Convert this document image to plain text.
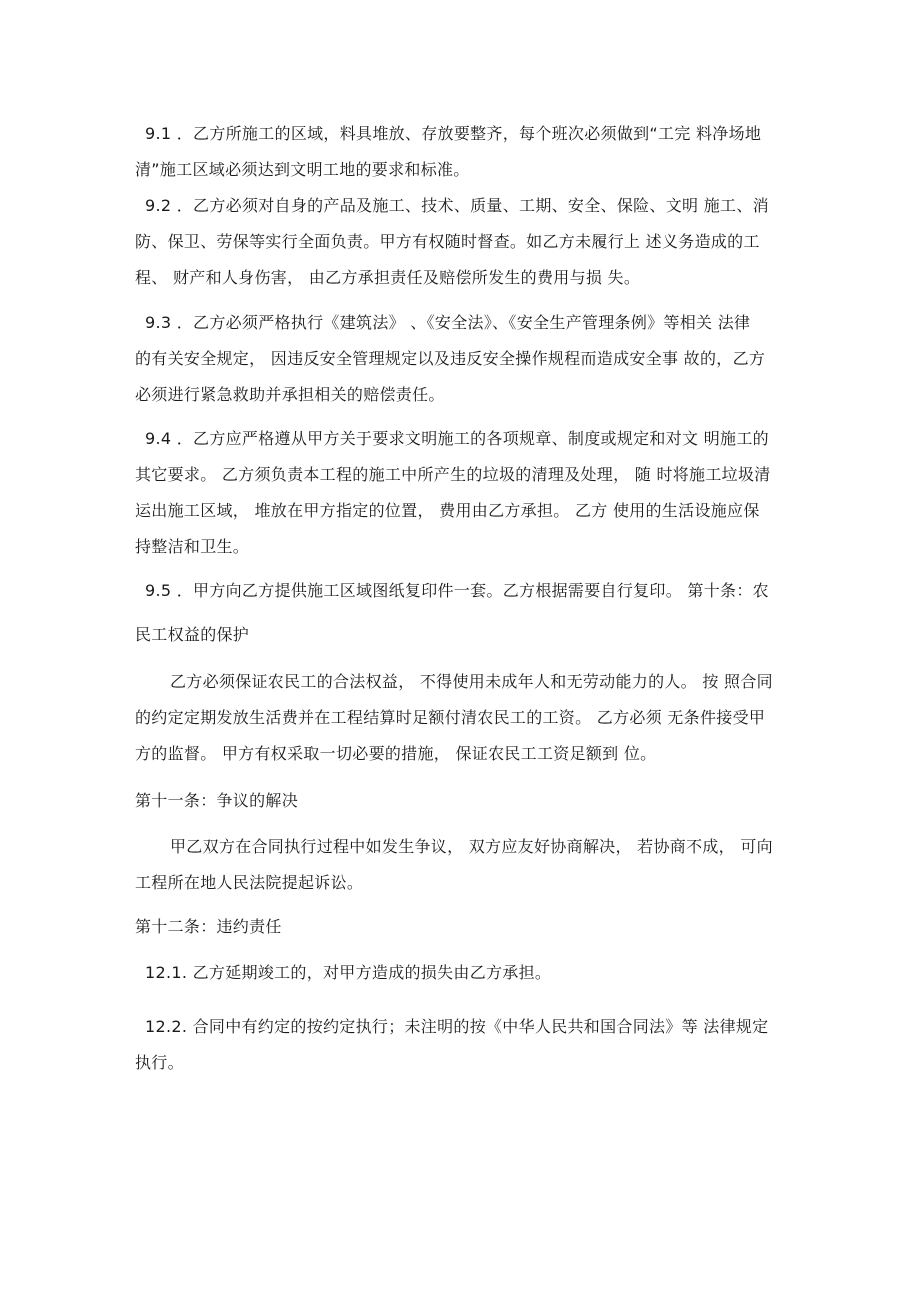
9.1 ．乙方所施工的区域，料具堆放、存放要整齐，每个班次必须做到“工完 料净场地
清”施工区域必须达到文明工地的要求和标准。
9.2 ．乙方必须对自身的产品及施工、技术、质量、工期、安全、保险、文明 施工、消
防、保卫、劳保等实行全面负责。甲方有权随时督查。如乙方未履行上 述义务造成的工
程、 财产和人身伤害， 由乙方承担责任及赔偿所发生的费用与损 失。
9.3 ．乙方必须严格执行《建筑法》 、《安全法》、《安全生产管理条例》等相关 法律
的有关安全规定， 因违反安全管理规定以及违反安全操作规程而造成安全事 故的，乙方
必须进行紧急救助并承担相关的赔偿责任。
9.4 ．乙方应严格遵从甲方关于要求文明施工的各项规章、制度或规定和对文 明施工的
其它要求。 乙方须负责本工程的施工中所产生的垃圾的清理及处理， 随 时将施工垃圾清
运出施工区域， 堆放在甲方指定的位置， 费用由乙方承担。 乙方 使用的生活设施应保
持整洁和卫生。
9.5 ．甲方向乙方提供施工区域图纸复印件一套。乙方根据需要自行复印。 第十条：农
民工权益的保护
乙方必须保证农民工的合法权益， 不得使用未成年人和无劳动能力的人。 按 照合同
的约定定期发放生活费并在工程结算时足额付清农民工的工资。 乙方必须 无条件接受甲
方的监督。 甲方有权采取一切必要的措施， 保证农民工工资足额到 位。
第十一条：争议的解决
甲乙双方在合同执行过程中如发生争议， 双方应友好协商解决， 若协商不成， 可向
工程所在地人民法院提起诉讼。
第十二条：违约责任
12.1. 乙方延期竣工的，对甲方造成的损失由乙方承担。
12.2. 合同中有约定的按约定执行；未注明的按《中华人民共和国合同法》等 法律规定
执行。
